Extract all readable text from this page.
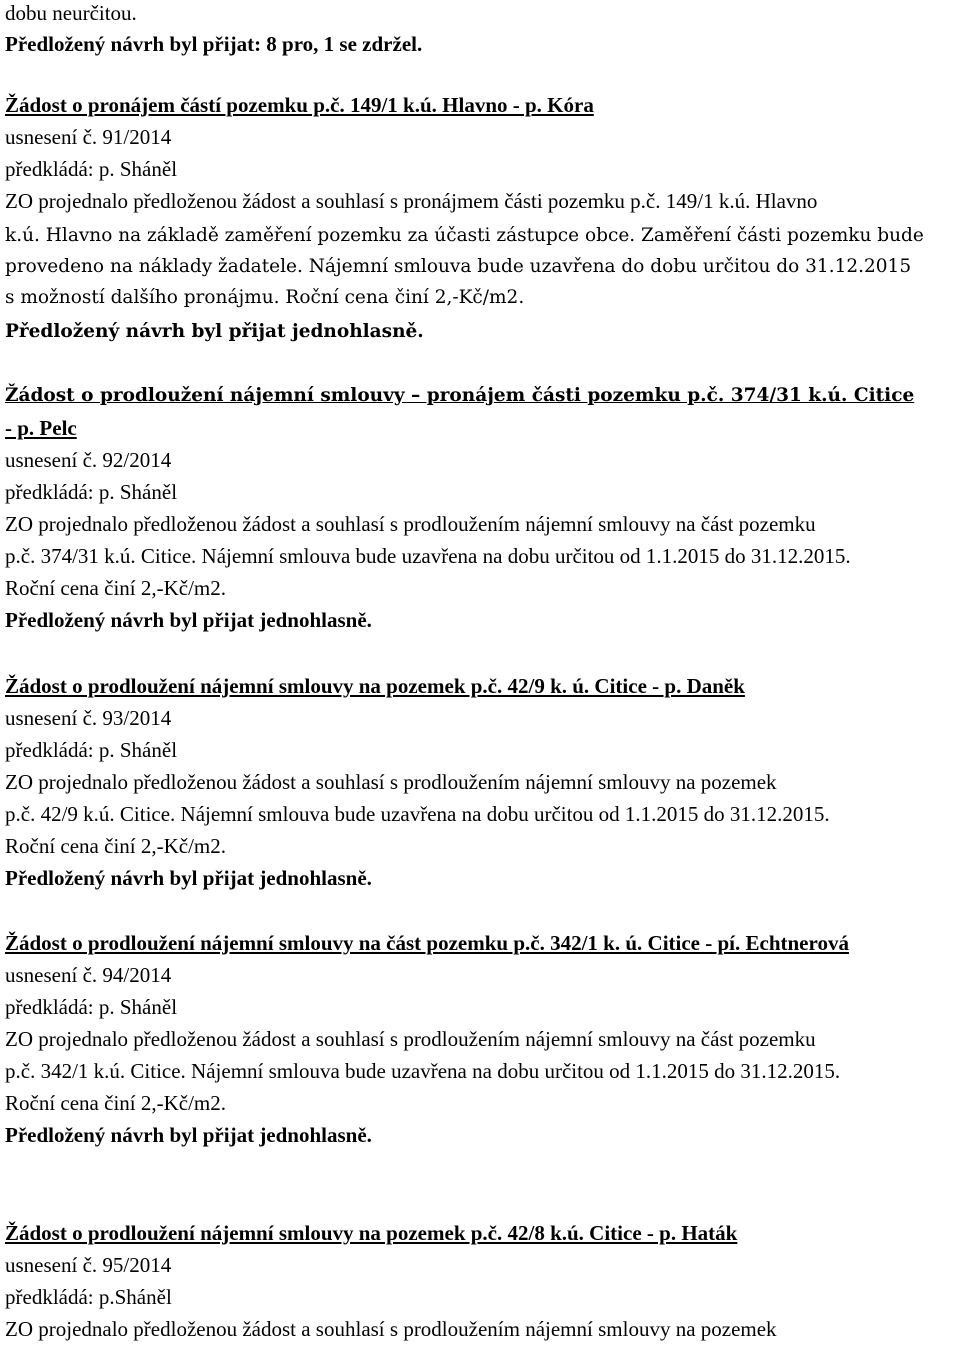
dobu neurčitou.
Předložený návrh byl přijat: 8 pro, 1 se zdržel.
Žádost o pronájem částí pozemku p.č. 149/1 k.ú. Hlavno - p. Kóra
usnesení č. 91/2014
předkládá: p. Sháněl
ZO projednalo předloženou žádost a souhlasí s pronájmem části pozemku p.č. 149/1 k.ú. Hlavno
k.ú. Hlavno na základě zaměření pozemku za účasti zástupce obce. Zaměření části pozemku bude
provedeno na náklady žadatele. Nájemní smlouva bude uzavřena do dobu určitou do 31.12.2015
s možností dalšího pronájmu. Roční cena činí 2,-Kč/m2.
Předložený návrh byl přijat jednohlasně.
Žádost o prodloužení nájemní smlouvy – pronájem části pozemku p.č. 374/31 k.ú. Citice
- p. Pelc
usnesení č. 92/2014
předkládá: p. Sháněl
ZO projednalo předloženou žádost a souhlasí s prodloužením nájemní smlouvy na část pozemku
p.č. 374/31 k.ú. Citice. Nájemní smlouva bude uzavřena na dobu určitou od 1.1.2015 do 31.12.2015.
Roční cena činí 2,-Kč/m2.
Předložený návrh byl přijat jednohlasně.
Žádost o prodloužení nájemní smlouvy na pozemek p.č. 42/9 k. ú. Citice - p. Daněk
usnesení č. 93/2014
předkládá: p. Sháněl
ZO projednalo předloženou žádost a souhlasí s prodloužením nájemní smlouvy na pozemek
p.č. 42/9 k.ú. Citice. Nájemní smlouva bude uzavřena na dobu určitou od 1.1.2015 do 31.12.2015.
Roční cena činí 2,-Kč/m2.
Předložený návrh byl přijat jednohlasně.
Žádost o prodloužení nájemní smlouvy na část pozemku p.č. 342/1 k. ú. Citice - pí. Echtnerová
usnesení č. 94/2014
předkládá: p. Sháněl
ZO projednalo předloženou žádost a souhlasí s prodloužením nájemní smlouvy na část pozemku
p.č. 342/1 k.ú. Citice. Nájemní smlouva bude uzavřena na dobu určitou od 1.1.2015 do 31.12.2015.
Roční cena činí 2,-Kč/m2.
Předložený návrh byl přijat jednohlasně.
Žádost o prodloužení nájemní smlouvy na pozemek p.č. 42/8 k.ú. Citice - p. Haták
usnesení č. 95/2014
předkládá: p.Sháněl
ZO projednalo předloženou žádost a souhlasí s prodloužením nájemní smlouvy na pozemek
